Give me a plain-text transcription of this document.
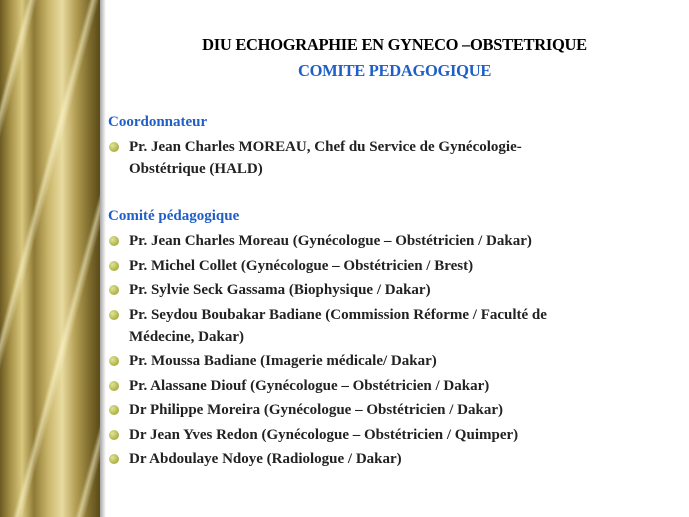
DIU ECHOGRAPHIE EN GYNECO –OBSTETRIQUE
COMITE PEDAGOGIQUE
Coordonnateur
Pr. Jean Charles MOREAU, Chef du Service de Gynécologie-
Obstétrique (HALD)
Comité pédagogique
Pr. Jean Charles Moreau (Gynécologue – Obstétricien / Dakar)
Pr. Michel Collet (Gynécologue – Obstétricien / Brest)
Pr. Sylvie Seck Gassama (Biophysique / Dakar)
Pr. Seydou Boubakar Badiane (Commission Réforme / Faculté de
Médecine, Dakar)
Pr. Moussa Badiane (Imagerie médicale/ Dakar)
Pr. Alassane Diouf (Gynécologue – Obstétricien / Dakar)
Dr Philippe Moreira (Gynécologue – Obstétricien / Dakar)
Dr Jean Yves Redon (Gynécologue – Obstétricien / Quimper)
Dr Abdoulaye Ndoye (Radiologue / Dakar)
